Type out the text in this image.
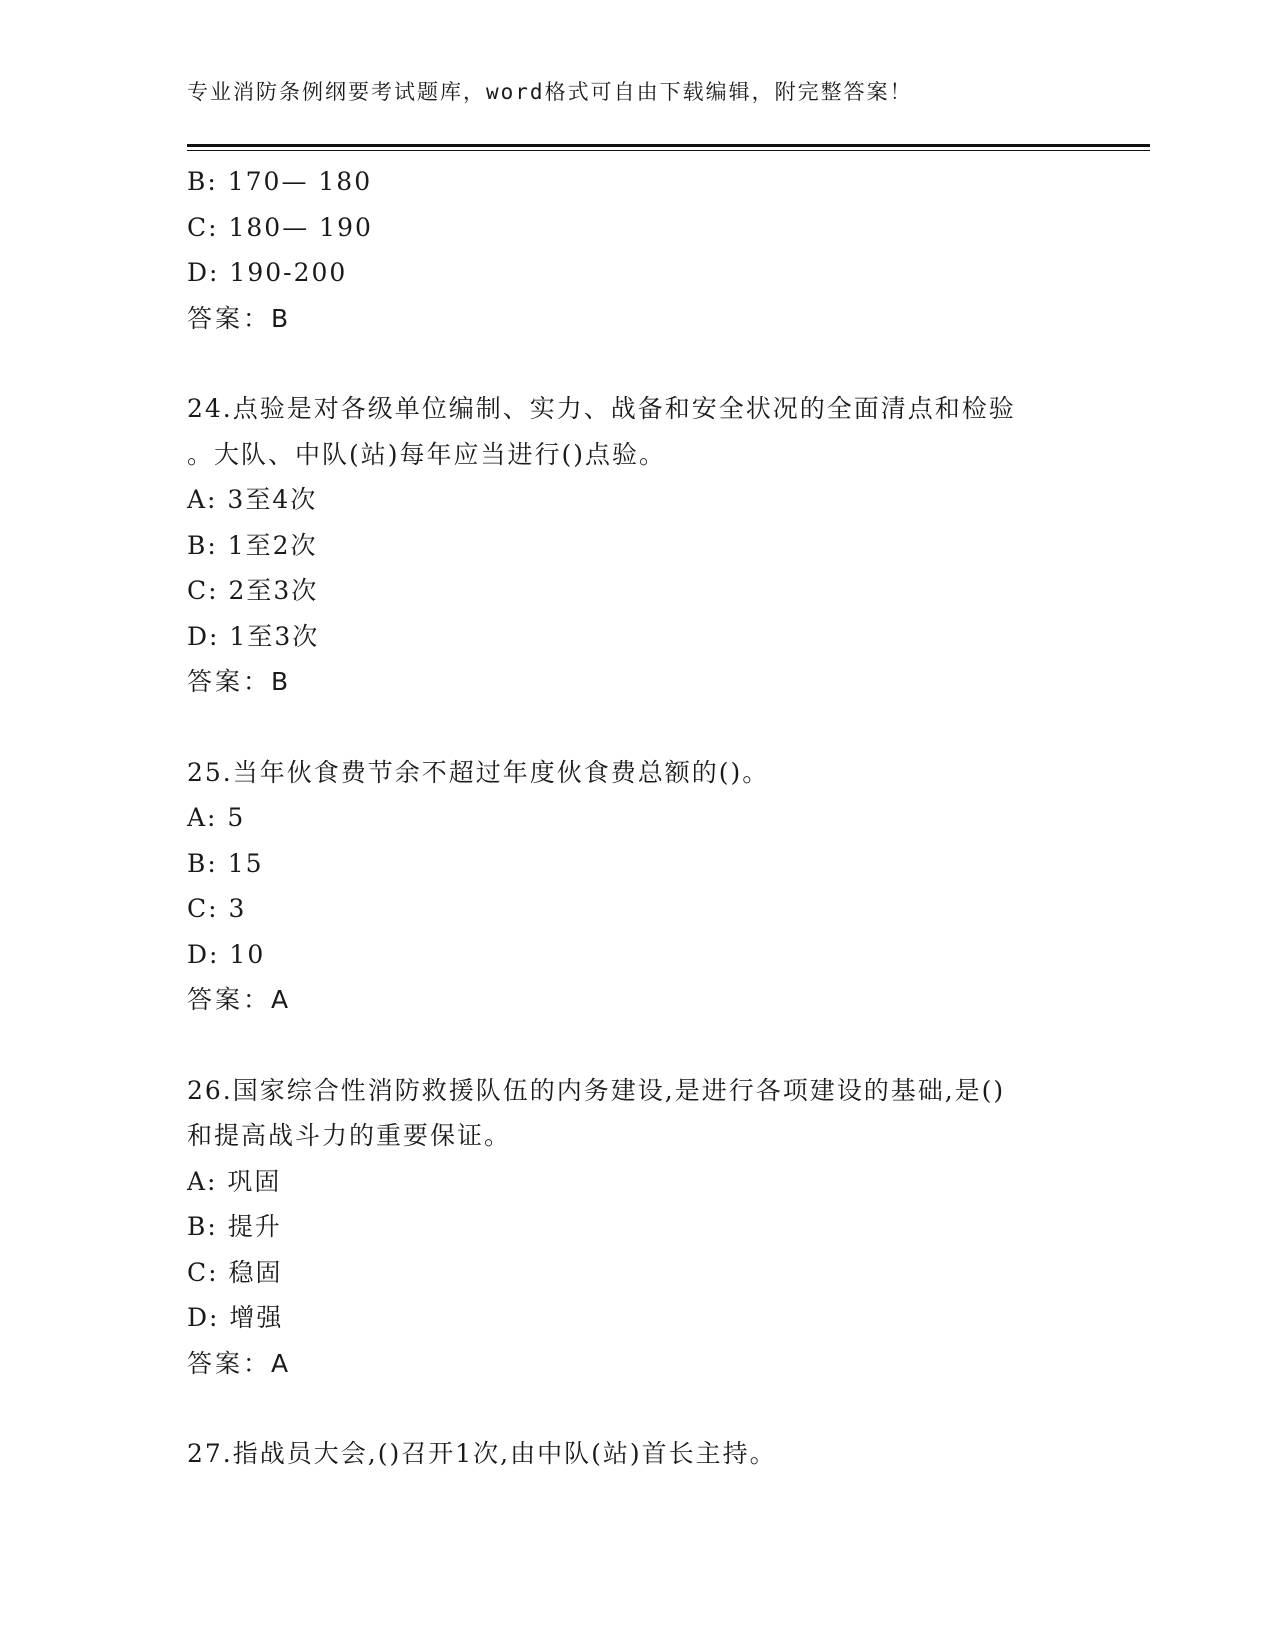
专业消防条例纲要考试题库，word格式可自由下载编辑，附完整答案！
B: 170— 180
C: 180— 190
D: 190-200
答案：B
24.点验是对各级单位编制、实力、战备和安全状况的全面清点和检验
。大队、中队(站)每年应当进行()点验。
A: 3至4次
B: 1至2次
C: 2至3次
D: 1至3次
答案：B
25.当年伙食费节余不超过年度伙食费总额的()。
A: 5
B: 15
C: 3
D: 10
答案：A
26.国家综合性消防救援队伍的内务建设,是进行各项建设的基础,是()
和提高战斗力的重要保证。
A: 巩固
B: 提升
C: 稳固
D: 增强
答案：A
27.指战员大会,()召开1次,由中队(站)首长主持。
